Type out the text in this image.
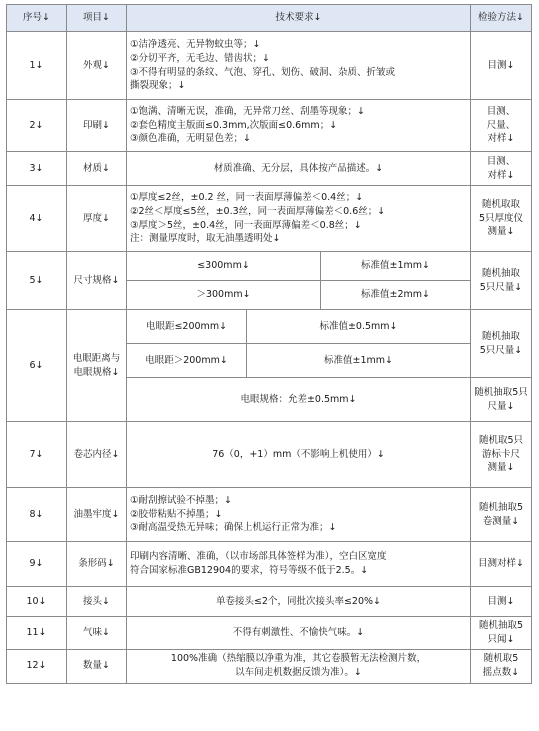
序号↓	项目↓	技术要求↓			检验方法↓
1↓	外观↓	①洁净透亮、无异物蚊虫等；↓
②分切平齐，无毛边、错齿状；↓
③不得有明显的条纹、气泡、穿孔、划伤、破洞、杂质、折皱或
撕裂现象；↓			目测↓

2↓	印刷↓	①饱满、清晰无误，准确，无异常刀丝、刮墨等现象；↓
②套色精度主版面≤0.3mm,次版面≤0.6mm；↓
③颜色准确，无明显色差；↓			目测、
尺量、
对样↓

3↓	材质↓	材质准确、无分层，具体按产品描述。↓			目测、
对样↓

4↓	厚度↓	①厚度≤2丝，±0.2 丝，同一表面厚薄偏差＜0.4丝；↓
②2丝＜厚度≤5丝，±0.3丝，同一表面厚薄偏差＜0.6丝；↓
③厚度＞5丝，±0.4丝，同一表面厚薄偏差＜0.8丝；↓
注：测量厚度时，取无油墨透明处↓			随机取取
5只厚度仪
测量↓

5↓	尺寸规格↓	≤300mm↓		标准值±1mm↓	随机抽取
5只尺量↓

		＞300mm↓		标准值±2mm↓	
6↓	电眼距离与电眼规格↓	电眼距≤200mm↓	标准值±0.5mm↓		随机抽取
5只尺量↓

		电眼距＞200mm↓	标准值±1mm↓		
		电眼规格：允差±0.5mm↓			随机抽取5只
尺量↓

7↓	卷芯内径↓	76（0，+1）mm（不影响上机使用）↓			随机取5只
游标卡尺
测量↓

8↓	油墨牢度↓	①耐刮擦试验不掉墨；↓
②胶带粘贴不掉墨；↓
③耐高温受热无异味；确保上机运行正常为准；↓			随机抽取5
卷测量↓

9↓	条形码↓	印刷内容清晰、准确，（以市场部具体签样为准），空白区宽度
符合国家标准GB12904的要求，符号等级不低于2.5。↓			目测对样↓

10↓	接头↓	单卷接头≤2个，同批次接头率≤20%↓			目测↓

11↓	气味↓	不得有刺激性、不愉快气味。↓			随机抽取5
只闻↓

12↓	数量↓	100%准确（热缩膜以净重为准，其它卷膜暂无法检测片数，
以车间走机数据反馈为准）。↓			随机取5
摇点数↓
